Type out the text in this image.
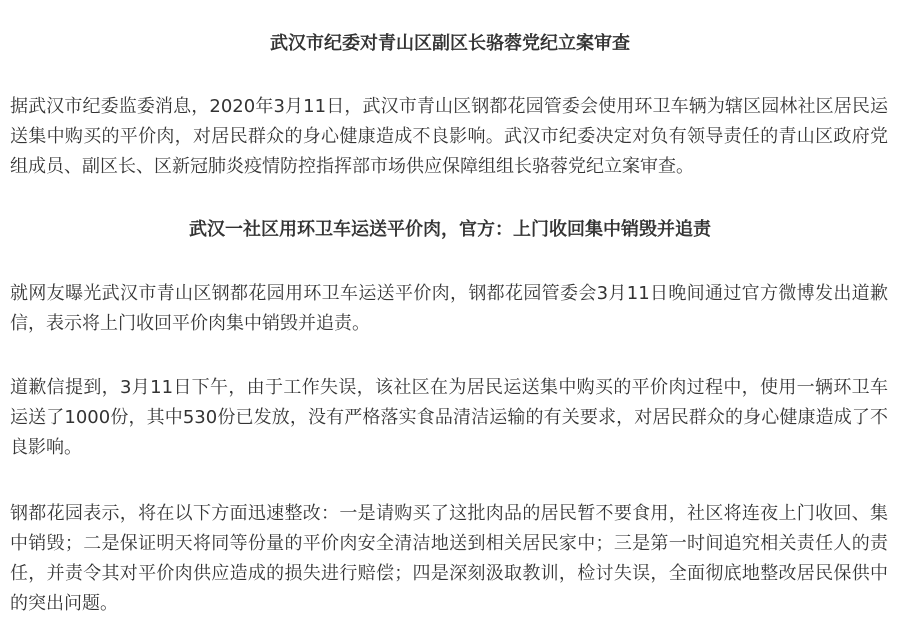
武汉市纪委对青山区副区长骆蓉党纪立案审查

据武汉市纪委监委消息，2020年3月11日，武汉市青山区钢都花园管委会使用环卫车辆为辖区园林社区居民运送集中购买的平价肉，对居民群众的身心健康造成不良影响。武汉市纪委决定对负有领导责任的青山区政府党组成员、副区长、区新冠肺炎疫情防控指挥部市场供应保障组组长骆蓉党纪立案审查。

武汉一社区用环卫车运送平价肉，官方：上门收回集中销毁并追责

就网友曝光武汉市青山区钢都花园用环卫车运送平价肉，钢都花园管委会3月11日晚间通过官方微博发出道歉信，表示将上门收回平价肉集中销毁并追责。

道歉信提到，3月11日下午，由于工作失误，该社区在为居民运送集中购买的平价肉过程中，使用一辆环卫车运送了1000份，其中530份已发放，没有严格落实食品清洁运输的有关要求，对居民群众的身心健康造成了不良影响。

钢都花园表示，将在以下方面迅速整改：一是请购买了这批肉品的居民暂不要食用，社区将连夜上门收回、集中销毁；二是保证明天将同等份量的平价肉安全清洁地送到相关居民家中；三是第一时间追究相关责任人的责任，并责令其对平价肉供应造成的损失进行赔偿；四是深刻汲取教训，检讨失误，全面彻底地整改居民保供中的突出问题。
